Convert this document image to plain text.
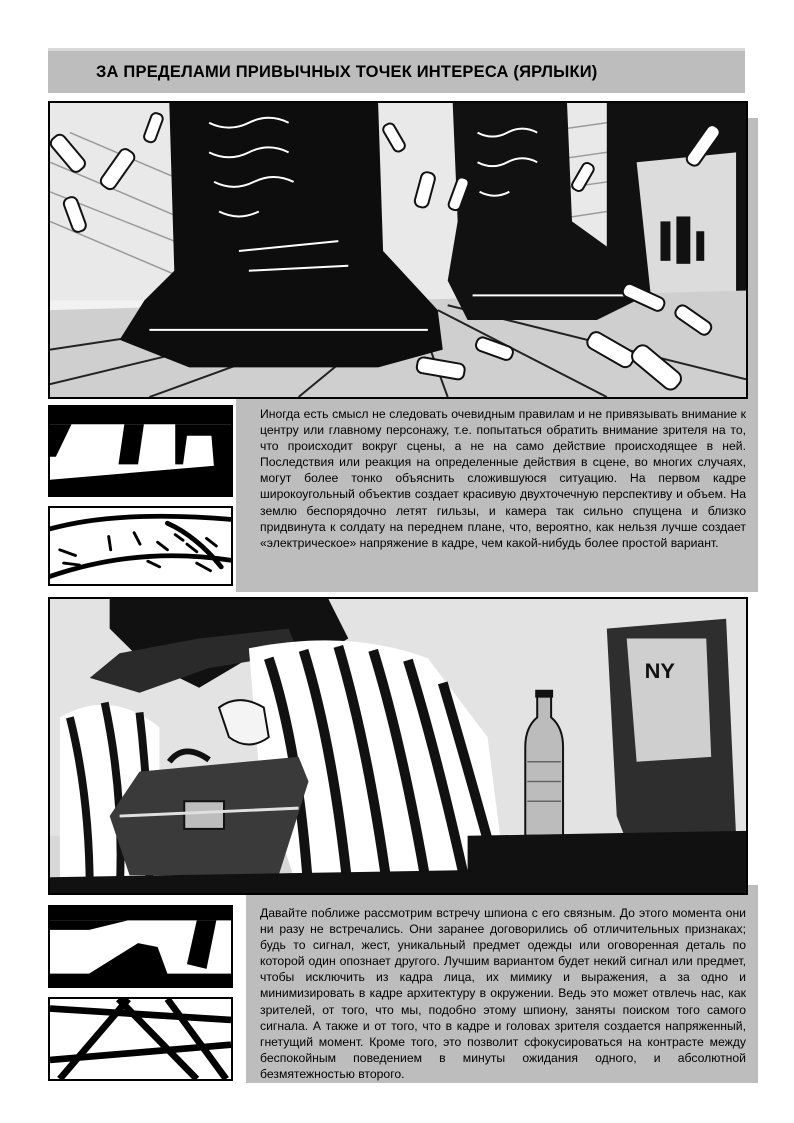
ЗА ПРЕДЕЛАМИ ПРИВЫЧНЫХ ТОЧЕК ИНТЕРЕСА (ЯРЛЫКИ)

Иногда есть смысл не следовать очевидным правилам и не привязывать внимание к центру или главному персонажу, т.е. попытаться обратить внимание зрителя на то, что происходит вокруг сцены, а не на само действие происходящее в ней. Последствия или реакция на определенные действия в сцене, во многих случаях, могут более тонко объяснить сложившуюся ситуацию. На первом кадре широкоугольный объектив создает красивую двухточечную перспективу и объем. На землю беспорядочно летят гильзы, и камера так сильно спущена и близко придвинута к солдату на переднем плане, что, вероятно, как нельзя лучше создает «электрическое» напряжение в кадре, чем какой-нибудь более простой вариант.

NY

Давайте поближе рассмотрим встречу шпиона с его связным. До этого момента они ни разу не встречались. Они заранее договорились об отличительных признаках; будь то сигнал, жест, уникальный предмет одежды или оговоренная деталь по которой один опознает другого. Лучшим вариантом будет некий сигнал или предмет, чтобы исключить из кадра лица, их мимику и выражения, а за одно и минимизировать в кадре архитектуру в окружении. Ведь это может отвлечь нас, как зрителей, от того, что мы, подобно этому шпиону, заняты поиском того самого сигнала. А также и от того, что в кадре и головах зрителя создается напряженный, гнетущий момент. Кроме того, это позволит сфокусироваться на контрасте между беспокойным поведением в минуты ожидания одного, и абсолютной безмятежностью второго.
